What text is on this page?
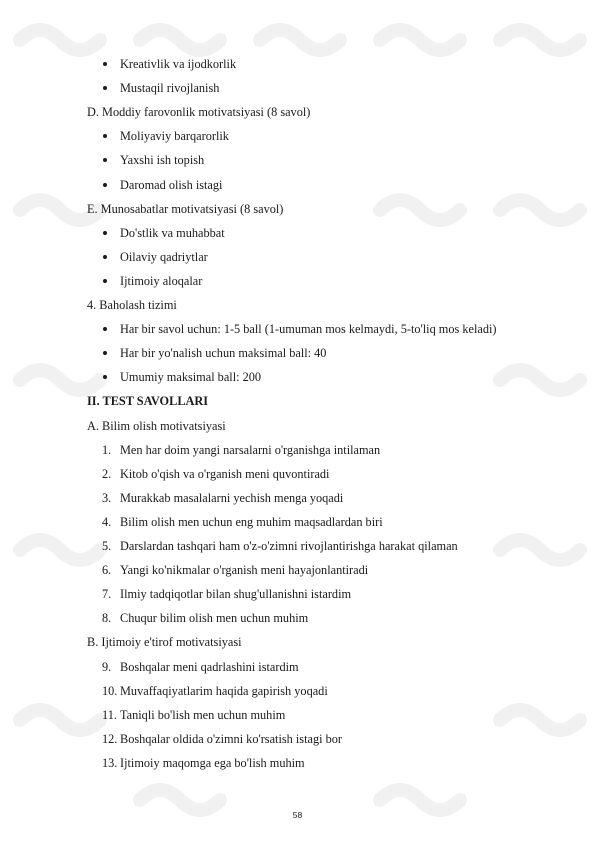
Kreativlik va ijodkorlik
Mustaqil rivojlanish
D. Moddiy farovonlik motivatsiyasi (8 savol)
Moliyaviy barqarorlik
Yaxshi ish topish
Daromad olish istagi
E. Munosabatlar motivatsiyasi (8 savol)
Do'stlik va muhabbat
Oilaviy qadriytlar
Ijtimoiy aloqalar
4. Baholash tizimi
Har bir savol uchun: 1-5 ball (1-umuman mos kelmaydi, 5-to'liq mos keladi)
Har bir yo'nalish uchun maksimal ball: 40
Umumiy maksimal ball: 200
II. TEST SAVOLLARI
A. Bilim olish motivatsiyasi
1. Men har doim yangi narsalarni o'rganishga intilaman
2. Kitob o'qish va o'rganish meni quvontiradi
3. Murakkab masalalarni yechish menga yoqadi
4. Bilim olish men uchun eng muhim maqsadlardan biri
5. Darslardan tashqari ham o'z-o'zimni rivojlantirishga harakat qilaman
6. Yangi ko'nikmalar o'rganish meni hayajonlantiradi
7. Ilmiy tadqiqotlar bilan shug'ullanishni istardim
8. Chuqur bilim olish men uchun muhim
B. Ijtimoiy e'tirof motivatsiyasi
9. Boshqalar meni qadrlashini istardim
10. Muvaffaqiyatlarim haqida gapirish yoqadi
11. Taniqli bo'lish men uchun muhim
12. Boshqalar oldida o'zimni ko'rsatish istagi bor
13. Ijtimoiy maqomga ega bo'lish muhim
58
